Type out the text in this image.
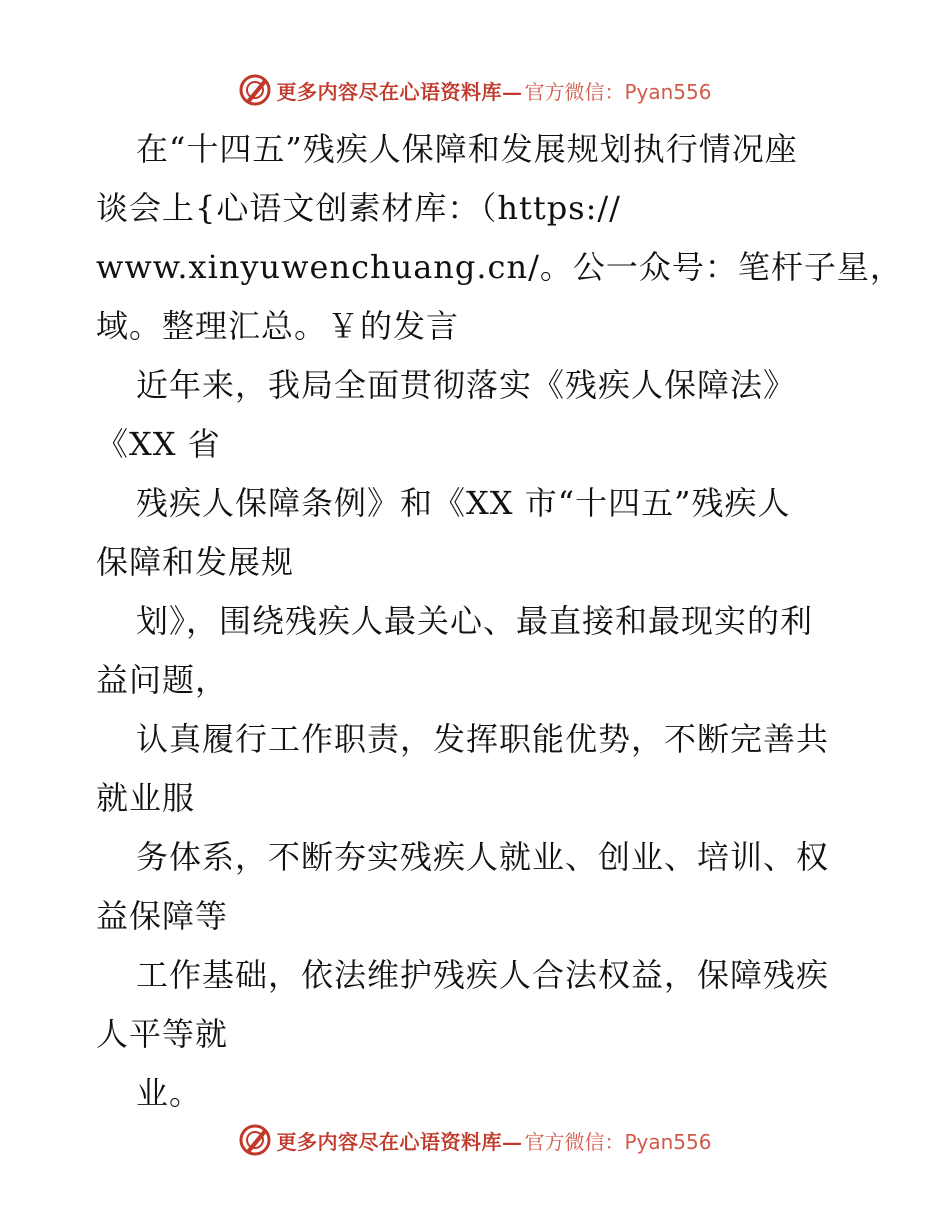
更多内容尽在心语资料库— 官方微信：Pyan556
在“十四五”残疾人保障和发展规划执行情况座
谈会上{心语文创素材库：（https://
www.xinyuwenchuang.cn/。公一众号：笔杆子星，
域。整理汇总。￥的发言
近年来，我局全面贯彻落实《残疾人保障法》
《XX 省
残疾人保障条例》和《XX 市“十四五”残疾人
保障和发展规
划》，围绕残疾人最关心、最直接和最现实的利
益问题，
认真履行工作职责，发挥职能优势，不断完善共
就业服
务体系，不断夯实残疾人就业、创业、培训、权
益保障等
工作基础，依法维护残疾人合法权益，保障残疾
人平等就
业。
更多内容尽在心语资料库— 官方微信：Pyan556
